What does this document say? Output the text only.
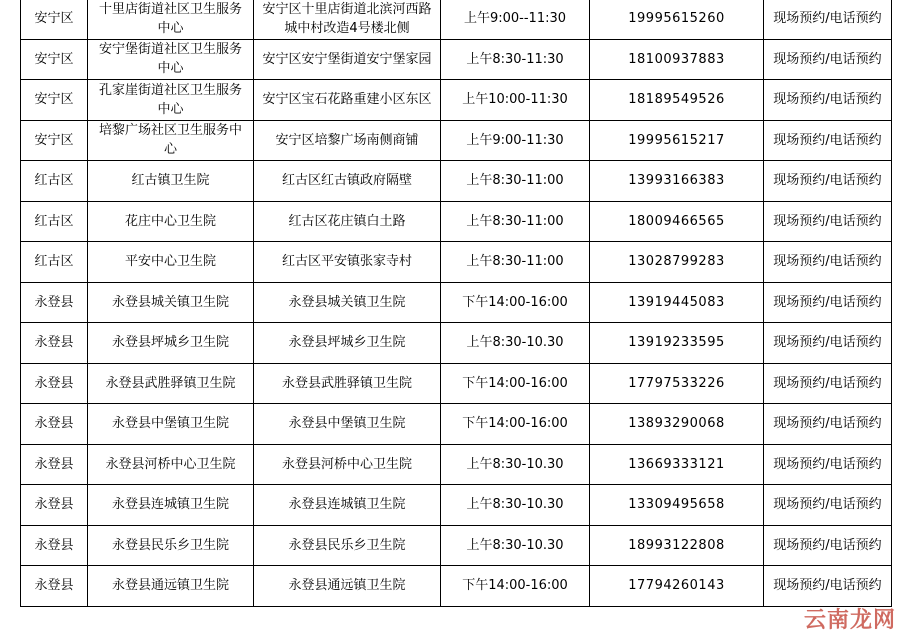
安宁区	十里店街道社区卫生服务中心	安宁区十里店街道北滨河西路城中村改造4号楼北侧	上午9:00--11:30	19995615260	现场预约/电话预约
安宁区	安宁堡街道社区卫生服务中心	安宁区安宁堡街道安宁堡家园	上午8:30-11:30	18100937883	现场预约/电话预约
安宁区	孔家崖街道社区卫生服务中心	安宁区宝石花路重建小区东区	上午10:00-11:30	18189549526	现场预约/电话预约
安宁区	培黎广场社区卫生服务中心	安宁区培黎广场南侧商铺	上午9:00-11:30	19995615217	现场预约/电话预约
红古区	红古镇卫生院	红古区红古镇政府隔壁	上午8:30-11:00	13993166383	现场预约/电话预约
红古区	花庄中心卫生院	红古区花庄镇白土路	上午8:30-11:00	18009466565	现场预约/电话预约
红古区	平安中心卫生院	红古区平安镇张家寺村	上午8:30-11:00	13028799283	现场预约/电话预约
永登县	永登县城关镇卫生院	永登县城关镇卫生院	下午14:00-16:00	13919445083	现场预约/电话预约
永登县	永登县坪城乡卫生院	永登县坪城乡卫生院	上午8:30-10.30	13919233595	现场预约/电话预约
永登县	永登县武胜驿镇卫生院	永登县武胜驿镇卫生院	下午14:00-16:00	17797533226	现场预约/电话预约
永登县	永登县中堡镇卫生院	永登县中堡镇卫生院	下午14:00-16:00	13893290068	现场预约/电话预约
永登县	永登县河桥中心卫生院	永登县河桥中心卫生院	上午8:30-10.30	13669333121	现场预约/电话预约
永登县	永登县连城镇卫生院	永登县连城镇卫生院	上午8:30-10.30	13309495658	现场预约/电话预约
永登县	永登县民乐乡卫生院	永登县民乐乡卫生院	上午8:30-10.30	18993122808	现场预约/电话预约
永登县	永登县通远镇卫生院	永登县通远镇卫生院	下午14:00-16:00	17794260143	现场预约/电话预约
云南龙网
